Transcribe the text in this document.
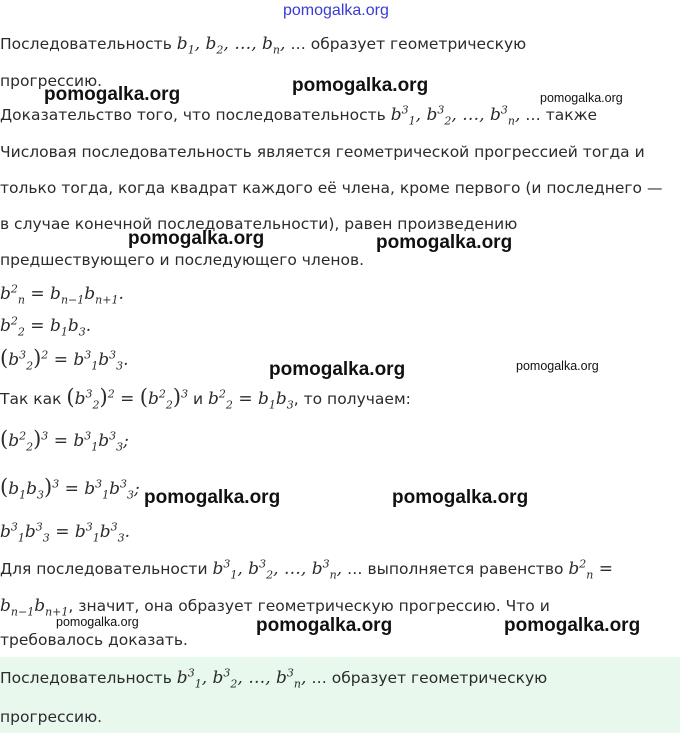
pomogalka.org
pomogalka.org
pomogalka.org	pomogalka.org
pomogalka.org	pomogalka.org
pomogalka.org	pomogalka.org
pomogalka.org	pomogalka.org
pomogalka.org	pomogalka.org	pomogalka.org
Последовательность $b_1$, $b_2$, …, $b_n$, … образует геометрическую
прогрессию.
Доказательство того, что последовательность $b^3_1$, $b^3_2$, …, $b^3_n$, … также
Числовая последовательность является геометрической прогрессией тогда и
только тогда, когда квадрат каждого её члена, кроме первого (и последнего —
в случае конечной последовательности), равен произведению
предшествующего и последующего членов.
$b^2_n = b_{n-1}b_{n+1}$.
$b^2_2 = b_1b_3$.
$(b^3_2)^2 = b^3_1b^3_3$.
Так как $(b^3_2)^2 = (b^2_2)^3$ и $b^2_2 = b_1b_3$, то получаем:
$(b^2_2)^3 = b^3_1b^3_3$;
$(b_1b_3)^3 = b^3_1b^3_3$;
$b^3_1b^3_3 = b^3_1b^3_3$.
Для последовательности $b^3_1$, $b^3_2$, …, $b^3_n$, … выполняется равенство $b^2_n$ =
$b_{n-1}b_{n+1}$, значит, она образует геометрическую прогрессию. Что и
требовалось доказать.
Последовательность $b^3_1$, $b^3_2$, …, $b^3_n$, … образует геометрическую
прогрессию.
